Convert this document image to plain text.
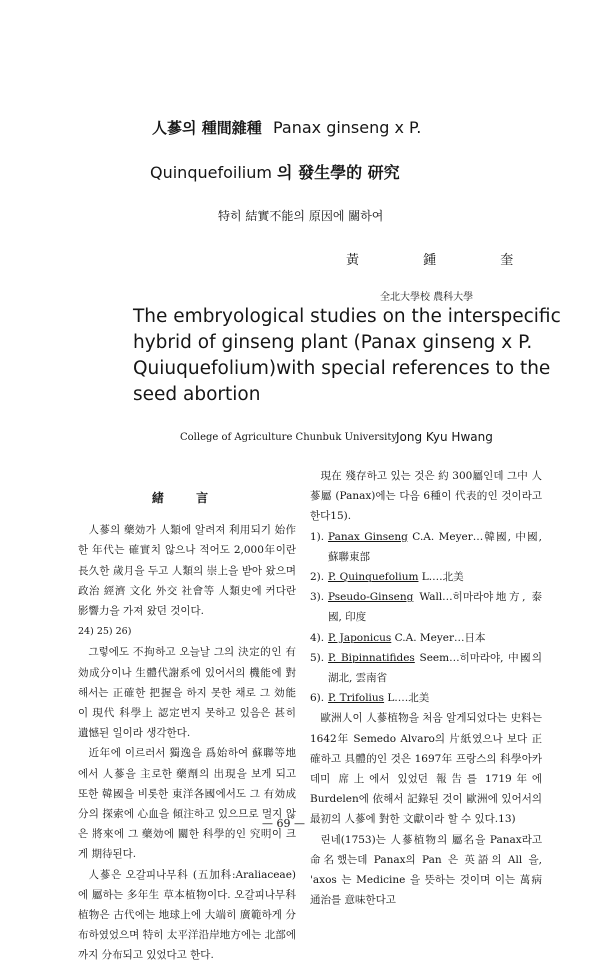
人蔘의 種間雜種 Panax ginseng x P.
Quinquefoilium 의 發生學的 研究
特히 結實不能의 原因에 關하여
黃 鍾 奎
全北大學校 農科大學
The embryological studies on the interspecific
hybrid of ginseng plant (Panax ginseng x P.
Quiuquefolium)with special references to the
seed abortion
College of Agriculture Chunbuk University
Jong Kyu Hwang

緒 言

人蔘의 藥効가 人類에 알려져 利用되기 始作한 年代는 確實치 않으나 적어도 2,000年이란 長久한 歲月을 두고 人類의 崇上을 받아 왔으며 政治 經濟 文化 外交 社會等 人類史에 커다란影響力을 가져 왔던 것이다.
24) 25) 26)

그렇에도 不拘하고 오늘날 그의 決定的인 有効成分이나 生體代謝系에 있어서의 機能에 對해서는 正確한 把握을 하지 못한 채로 그 効能이 現代 科學上 認定번지 못하고 있음은 甚히 遺憾된 일이라 생각한다.

近年에 이르러서 獨逸을 爲始하여 蘇聯等地에서 人蔘을 主로한 藥劑의 出現을 보게 되고 또한 韓國을 비롯한 東洋各國에서도 그 有効成分의 探索에 心血을 傾注하고 있으므로 멀지 않은 將來에 그 藥効에 關한 科學的인 究明이 크게 期待된다.

人蔘은 오갈피나무科 (五加科:Araliaceae)에 屬하는 多年生 草本植物이다. 오갈피나무科 植物은 古代에는 地球上에 大端히 廣範하게 分布하였었으며 特히 太平洋沿岸地方에는 北部에 까지 分布되고 있었다고 한다.

現在 殘存하고 있는 것은 約 300屬인데 그中 人蔘屬 (Panax)에는 다음 6種이 代表的인 것이라고 한다15).

1). Panax Ginseng C.A. Meyer…韓國, 中國, 蘇聯東部
2). P. Quinquefolium L.…北美
3). Pseudo-Ginseng Wall…히마라야地方, 泰國, 印度
4). P. Japonicus C.A. Meyer…日本
5). P. Bipinnatifides Seem…히마라야, 中國의 湖北, 雲南省
6). P. Trifolius L.…北美

歐洲人이 人蔘植物을 처음 알게되었다는 史料는 1642年 Semedo Alvaro의 片紙였으나 보다 正確하고 具體的인 것은 1697年 프랑스의 科學아카데미 席上에서 있었던 報告를 1719年에 Burdelen에 依해서 記錄된 것이 歐洲에 있어서의 最初의 人蔘에 對한 文獻이라 할 수 있다.13)

린네(1753)는 人蔘植物의 屬名을 Panax라고 命名했는데 Panax의 Pan 은 英語의 All 을, 'axos 는 Medicine 을 뜻하는 것이며 이는 萬病通治를 意味한다고

— 69 —
